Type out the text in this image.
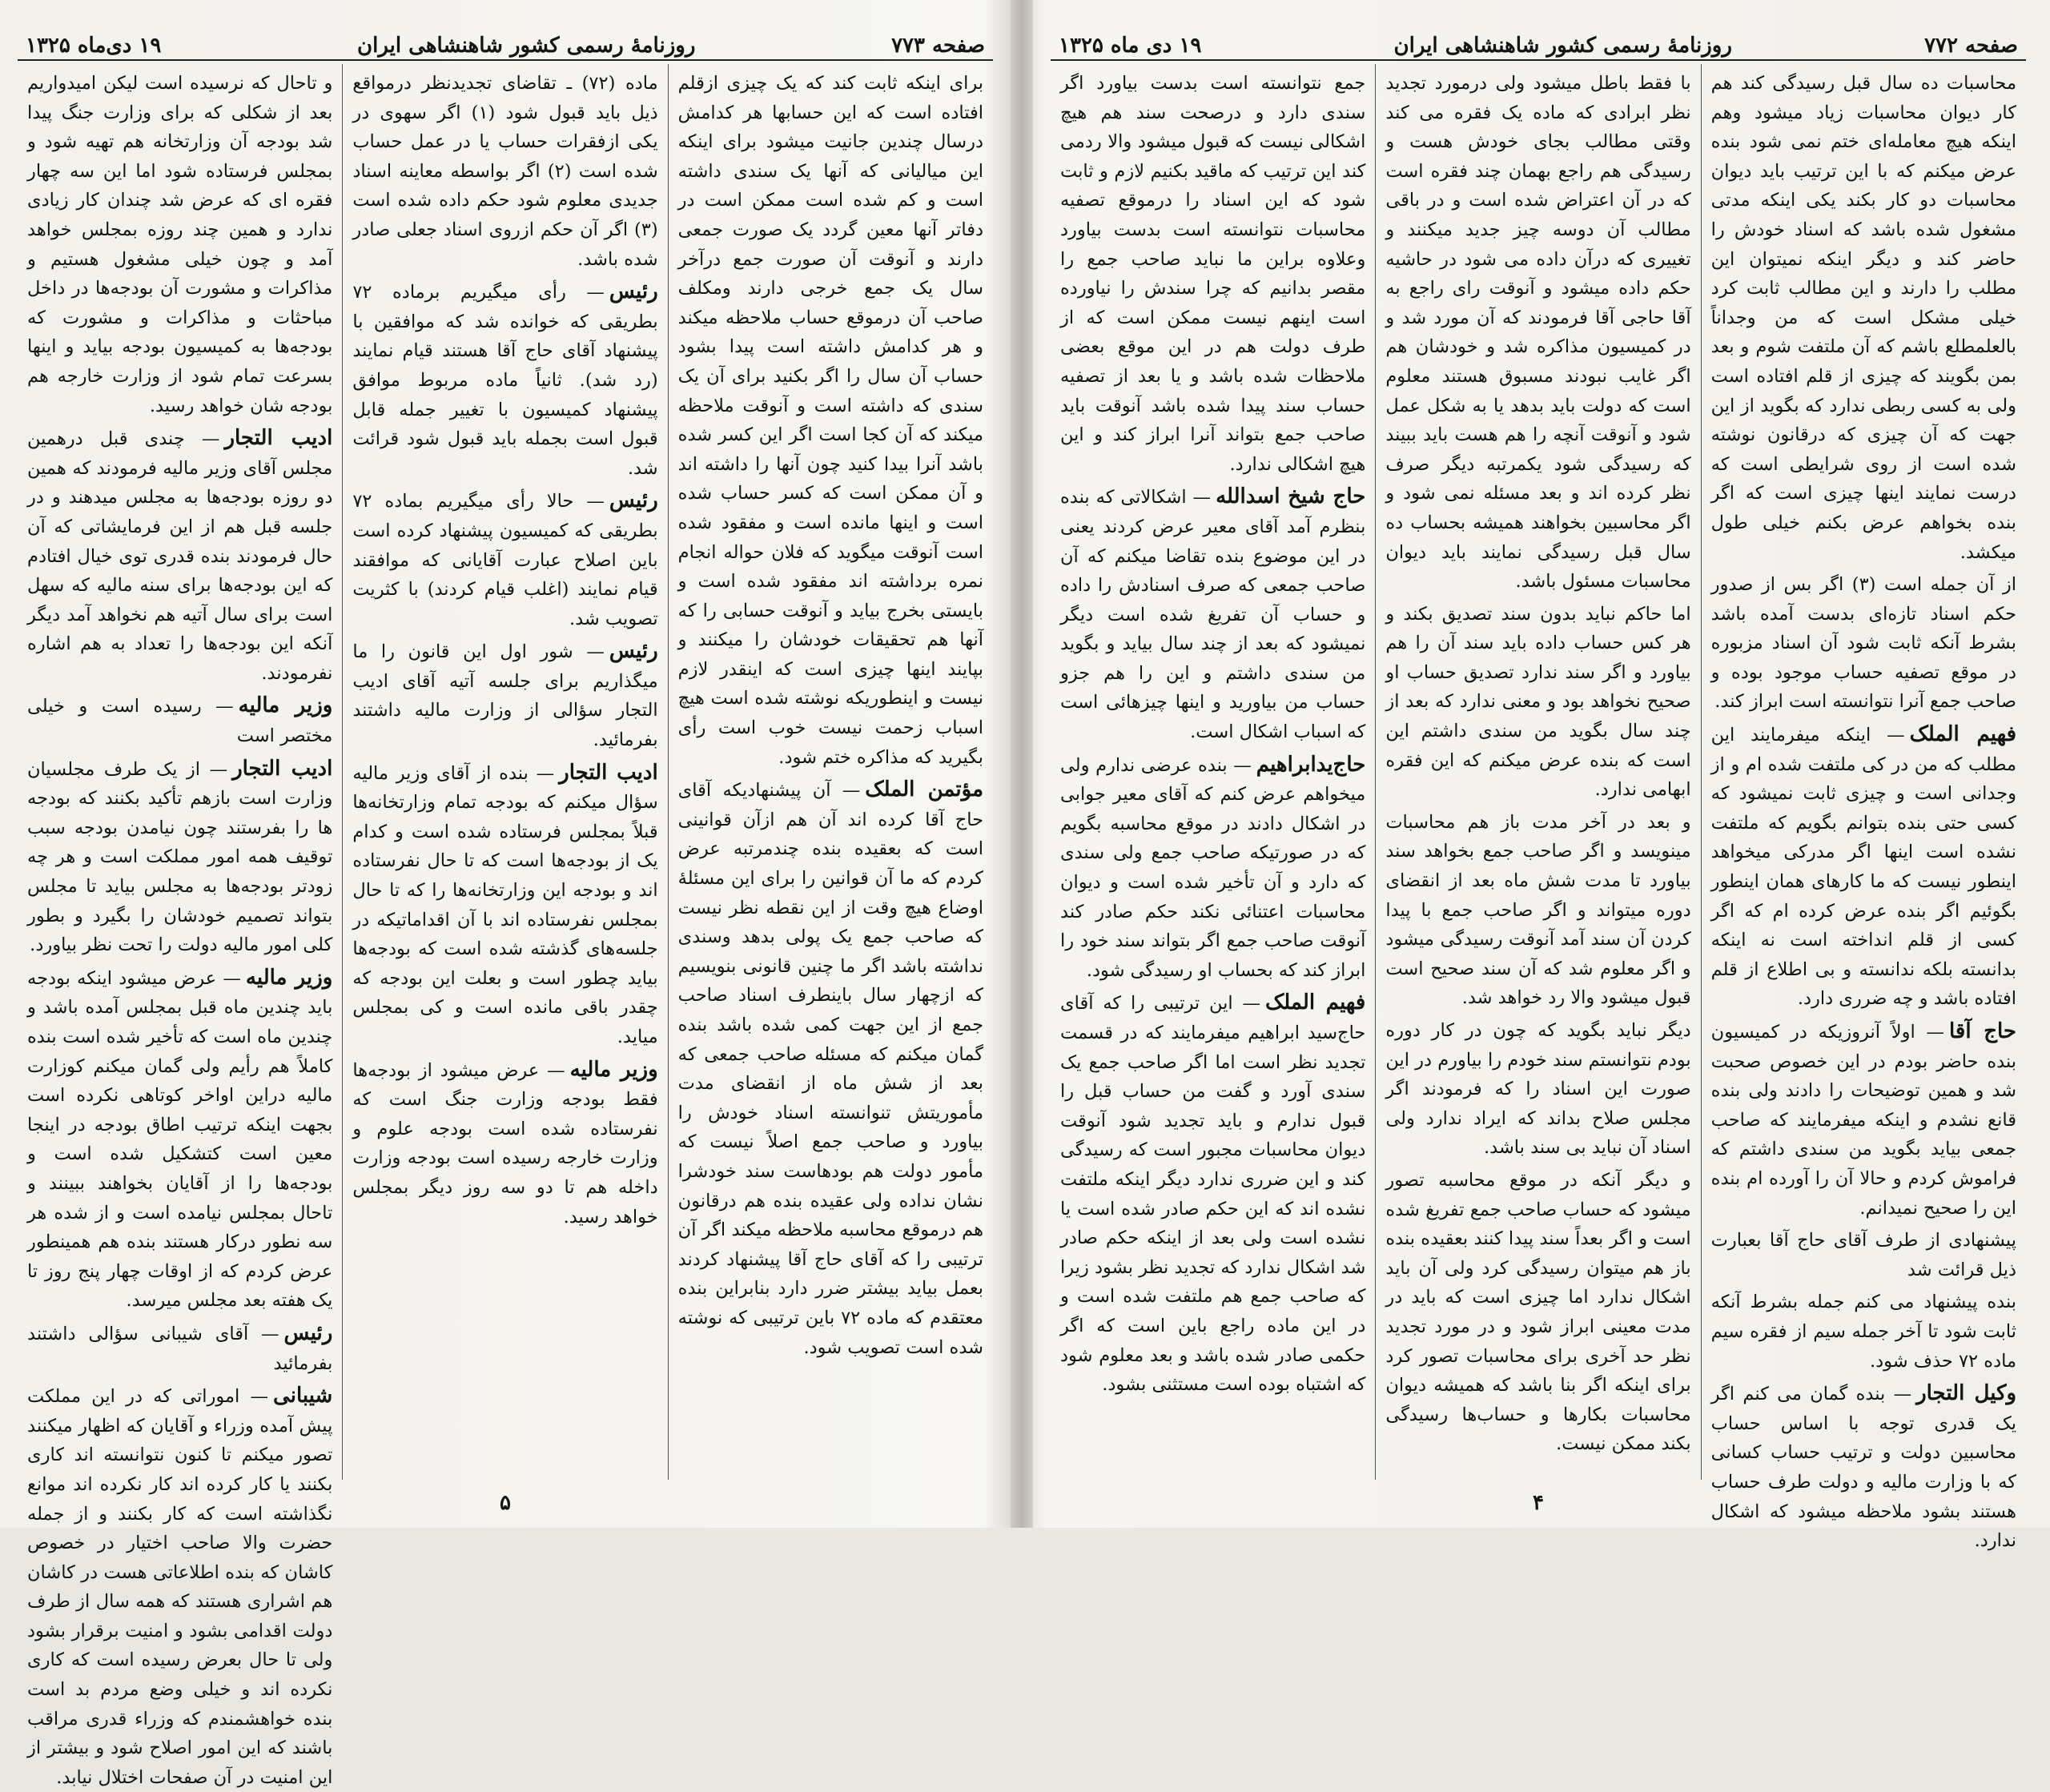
صفحه ۷۷۳
روزنامهٔ رسمی کشور شاهنشاهی ایران
۱۹ دی‌ماه ۱۳۲۵

برای اینکه ثابت کند که یک چیزی ازقلم افتاده است که این حسابها هر کدامش درسال چندین جانیت میشود برای اینکه این میالیانی که آنها یک سندی داشته است و کم شده است ممکن است در دفاتر آنها معین گردد یک صورت جمعی دارند و آنوقت آن صورت جمع درآخر سال یک جمع خرجی دارند ومکلف صاحب آن درموقع حساب ملاحظه میکند و هر کدامش داشته است پیدا بشود حساب آن سال را اگر بکنید برای آن یک سندی که داشته است و آنوقت ملاحظه میکند که آن کجا است اگر این کسر شده باشد آنرا بیدا کنید چون آنها را داشته اند و آن ممکن است که کسر حساب شده است و اینها مانده است و مفقود شده است آنوقت میگوید که فلان حواله انجام نمره برداشته اند مفقود شده است و بایستی بخرج بیاید و آنوقت حسابی را که آنها هم تحقیقات خودشان را میکنند و بپایند اینها چیزی است که اینقدر لازم نیست و اینطوریکه نوشته شده است هیچ اسباب زحمت نیست خوب است رأی بگیرید که مذاکره ختم شود.

مؤتمن الملک— آن پیشنهادیکه آقای حاج آقا کرده اند آن هم ازآن قوانینی است که بعقیده بنده چندمرتبه عرض کردم که ما آن قوانین را برای این مسئلهٔ اوضاع هیچ وقت از این نقطه نظر نیست که صاحب جمع یک پولی بدهد وسندی نداشته باشد اگر ما چنین قانونی بنویسیم که ازچهار سال باینطرف اسناد صاحب جمع از این جهت کمی شده باشد بنده گمان میکنم که مسئله صاحب جمعی که بعد از شش ماه از انقضای مدت مأموریتش تنوانسته اسناد خودش را بیاورد و صاحب جمع اصلاً نیست که مأمور دولت هم بودهاست سند خودشرا نشان نداده ولی عقیده بنده هم درقانون هم درموقع محاسبه ملاحظه میکند اگر آن ترتیبی را که آقای حاج آقا پیشنهاد کردند بعمل بیاید بیشتر ضرر دارد بنابراین بنده معتقدم که ماده ۷۲ باین ترتیبی که نوشته شده است تصویب شود.

ماده (۷۲) ـ تقاضای تجدیدنظر درمواقع ذیل باید قبول شود (۱) اگر سهوی در یکی ازفقرات حساب یا در عمل حساب شده است (۲) اگر بواسطه معاینه اسناد جدیدی معلوم شود حکم داده شده است (۳) اگر آن حکم ازروی اسناد جعلی صادر شده باشد.

رئیس— رأی میگیریم برماده ۷۲ بطریقی که خوانده شد که موافقین با پیشنهاد آقای حاج آقا هستند قیام نمایند (رد شد). ثانیاً ماده مربوط موافق پیشنهاد کمیسیون با تغییر جمله قابل قبول است بجمله باید قبول شود قرائت شد.

رئیس— حالا رأی میگیریم بماده ۷۲ بطریقی که کمیسیون پیشنهاد کرده است باین اصلاح عبارت آقایانی که موافقند قیام نمایند (اغلب قیام کردند) با کثریت تصویب شد.

رئیس— شور اول این قانون را ما میگذاریم برای جلسه آتیه آقای ادیب التجار سؤالی از وزارت مالیه داشتند بفرمائید.

ادیب التجار— بنده از آقای وزیر مالیه سؤال میکنم که بودجه تمام وزارتخانه‌ها قبلاً بمجلس فرستاده شده است و کدام یک از بودجه‌ها است که تا حال نفرستاده اند و بودجه این وزارتخانه‌ها را که تا حال بمجلس نفرستاده اند با آن اقداماتیکه در جلسه‌های گذشته شده است که بودجه‌ها بیاید چطور است و بعلت این بودجه که چقدر باقی مانده است و کی بمجلس میاید.

وزیر مالیه— عرض میشود از بودجه‌ها فقط بودجه وزارت جنگ است که نفرستاده شده است بودجه علوم و وزارت خارجه رسیده است بودجه وزارت داخله هم تا دو سه روز دیگر بمجلس خواهد رسید.

و تاحال که نرسیده است لیکن امیدواریم بعد از شکلی که برای وزارت جنگ پیدا شد بودجه آن وزارتخانه هم تهیه شود و بمجلس فرستاده شود اما این سه چهار فقره ای که عرض شد چندان کار زیادی ندارد و همین چند روزه بمجلس خواهد آمد و چون خیلی مشغول هستیم و مذاکرات و مشورت آن بودجه‌ها در داخل مباحثات و مذاکرات و مشورت که بودجه‌ها به کمیسیون بودجه بیاید و اینها بسرعت تمام شود از وزارت خارجه هم بودجه شان خواهد رسید.

ادیب التجار— چندی قبل درهمین مجلس آقای وزیر مالیه فرمودند که همین دو روزه بودجه‌ها به مجلس میدهند و در جلسه قبل هم از این فرمایشاتی که آن حال فرمودند بنده قدری توی خیال افتادم که این بودجه‌ها برای سنه مالیه که سهل است برای سال آتیه هم نخواهد آمد دیگر آنکه این بودجه‌ها را تعداد به هم اشاره نفرمودند.

وزیر مالیه— رسیده است و خیلی مختصر است

ادیب التجار— از یک طرف مجلسیان وزارت است بازهم تأکید بکنند که بودجه ها را بفرستند چون نیامدن بودجه سبب توقیف همه امور مملکت است و هر چه زودتر بودجه‌ها به مجلس بیاید تا مجلس بتواند تصمیم خودشان را بگیرد و بطور کلی امور مالیه دولت را تحت نظر بیاورد.

وزیر مالیه— عرض میشود اینکه بودجه باید چندین ماه قبل بمجلس آمده باشد و چندین ماه است که تأخیر شده است بنده کاملاً هم رأیم ولی گمان میکنم کوزارت مالیه دراین اواخر کوتاهی نکرده است بجهت اینکه ترتیب اطاق بودجه در اینجا معین است کتشکیل شده است و بودجه‌ها را از آقایان بخواهند ببینند و تاحال بمجلس نیامده است و از شده هر سه نطور درکار هستند بنده هم همینطور عرض کردم که از اوقات چهار پنج روز تا یک هفته بعد مجلس میرسد.

رئیس— آقای شیبانی سؤالی داشتند بفرمائید

شیبانی— اموراتی که در این مملکت پیش آمده وزراء و آقایان که اظهار میکنند تصور میکنم تا کنون نتوانسته اند کاری بکنند یا کار کرده اند کار نکرده اند موانع نگذاشته است که کار بکنند و از جمله حضرت والا صاحب اختیار در خصوص کاشان که بنده اطلاعاتی هست در کاشان هم اشراری هستند که همه سال از طرف دولت اقدامی بشود و امنیت برقرار بشود ولی تا حال بعرض رسیده است که کاری نکرده اند و خیلی وضع مردم بد است بنده خواهشمندم که وزراء قدری مراقب باشند که این امور اصلاح شود و بیشتر از این امنیت در آن صفحات اختلال نیابد.

۵
صفحه ۷۷۲
روزنامهٔ رسمی کشور شاهنشاهی ایران
۱۹ دی ماه ۱۳۲۵

محاسبات ده سال قبل رسیدگی کند هم کار دیوان محاسبات زیاد میشود وهم اینکه هیچ معامله‌ای ختم نمی شود بنده عرض میکنم که با این ترتیب باید دیوان محاسبات دو کار بکند یکی اینکه مدتی مشغول شده باشد که اسناد خودش را حاضر کند و دیگر اینکه نمیتوان این مطلب را دارند و این مطالب ثابت کرد خیلی مشکل است که من وجداناً بالعلمطلع باشم که آن ملتفت شوم و بعد بمن بگویند که چیزی از قلم افتاده است ولی به کسی ربطی ندارد که بگوید از این جهت که آن چیزی که درقانون نوشته شده است از روی شرایطی است که درست نمایند اینها چیزی است که اگر بنده بخواهم عرض بکنم خیلی طول میکشد.

از آن جمله است (۳) اگر بس از صدور حکم اسناد تازه‌ای بدست آمده باشد بشرط آنکه ثابت شود آن اسناد مزبوره در موقع تصفیه حساب موجود بوده و صاحب جمع آنرا نتوانسته است ابراز کند.

فهیم الملک— اینکه میفرمایند این مطلب که من در کی ملتفت شده ام و از وجدانی است و چیزی ثابت نمیشود که کسی حتی بنده بتوانم بگویم که ملتفت نشده است اینها اگر مدرکی میخواهد اینطور نیست که ما کارهای همان اینطور بگوئیم اگر بنده عرض کرده ام که اگر کسی از قلم انداخته است نه اینکه بدانسته بلکه ندانسته و بی اطلاع از قلم افتاده باشد و چه ضرری دارد.

حاج آقا— اولاً آنروزیکه در کمیسیون بنده حاضر بودم در این خصوص صحبت شد و همین توضیحات را دادند ولی بنده قانع نشدم و اینکه میفرمایند که صاحب جمعی بیاید بگوید من سندی داشتم که فراموش کردم و حالا آن را آورده ام بنده این را صحیح نمیدانم.

پیشنهادی از طرف آقای حاج آقا بعبارت ذیل قرائت شد

بنده پیشنهاد می کنم جمله بشرط آنکه ثابت شود تا آخر جمله سیم از فقره سیم ماده ۷۲ حذف شود.

وکیل التجار— بنده گمان می کنم اگر یک قدری توجه با اساس حساب محاسبین دولت و ترتیب حساب کسانی که با وزارت مالیه و دولت طرف حساب هستند بشود ملاحظه میشود که اشکال ندارد.

با فقط باطل میشود ولی درمورد تجدید نظر ابرادی که ماده یک فقره می کند وقتی مطالب بجای خودش هست و رسیدگی هم راجع بهمان چند فقره است که در آن اعتراض شده است و در باقی مطالب آن دوسه چیز جدید میکنند و تغییری که درآن داده می شود در حاشیه حکم داده میشود و آنوقت رای راجع به آقا حاجی آقا فرمودند که آن مورد شد و در کمیسیون مذاکره شد و خودشان هم اگر غایب نبودند مسبوق هستند معلوم است که دولت باید بدهد یا به شکل عمل شود و آنوقت آنچه را هم هست باید ببیند که رسیدگی شود یکمرتبه دیگر صرف نظر کرده اند و بعد مسئله نمی شود و اگر محاسبین بخواهند همیشه بحساب ده سال قبل رسیدگی نمایند باید دیوان محاسبات مسئول باشد.

اما حاکم نباید بدون سند تصدیق بکند و هر کس حساب داده باید سند آن را هم بیاورد و اگر سند ندارد تصدیق حساب او صحیح نخواهد بود و معنی ندارد که بعد از چند سال بگوید من سندی داشتم این است که بنده عرض میکنم که این فقره ابهامی ندارد.

و بعد در آخر مدت باز هم محاسبات مینویسد و اگر صاحب جمع بخواهد سند بیاورد تا مدت شش ماه بعد از انقضای دوره میتواند و اگر صاحب جمع با پیدا کردن آن سند آمد آنوقت رسیدگی میشود و اگر معلوم شد که آن سند صحیح است قبول میشود والا رد خواهد شد.

دیگر نباید بگوید که چون در کار دوره بودم نتوانستم سند خودم را بیاورم در این صورت این اسناد را که فرمودند اگر مجلس صلاح بداند که ایراد ندارد ولی اسناد آن نباید بی سند باشد.

و دیگر آنکه در موقع محاسبه تصور میشود که حساب صاحب جمع تفریغ شده است و اگر بعداً سند پیدا کنند بعقیده بنده باز هم میتوان رسیدگی کرد ولی آن باید اشکال ندارد اما چیزی است که باید در مدت معینی ابراز شود و در مورد تجدید نظر حد آخری برای محاسبات تصور کرد برای اینکه اگر بنا باشد که همیشه دیوان محاسبات بکارها و حساب‌ها رسیدگی بکند ممکن نیست.

جمع نتوانسته است بدست بیاورد اگر سندی دارد و درصحت سند هم هیچ اشکالی نیست که قبول میشود والا ردمی کند این ترتیب که ماقید بکنیم لازم و ثابت شود که این اسناد را درموقع تصفیه محاسبات نتوانسته است بدست بیاورد وعلاوه براین ما نباید صاحب جمع را مقصر بدانیم که چرا سندش را نیاورده است اینهم نیست ممکن است که از طرف دولت هم در این موقع بعضی ملاحظات شده باشد و یا بعد از تصفیه حساب سند پیدا شده باشد آنوقت باید صاحب جمع بتواند آنرا ابراز کند و این هیچ اشکالی ندارد.

حاج شیخ اسدالله— اشکالاتی که بنده بنظرم آمد آقای معیر عرض کردند یعنی در این موضوع بنده تقاضا میکنم که آن صاحب جمعی که صرف اسنادش را داده و حساب آن تفریغ شده است دیگر نمیشود که بعد از چند سال بیاید و بگوید من سندی داشتم و این را هم جزو حساب من بیاورید و اینها چیزهائی است که اسباب اشکال است.

حاج‌یدابراهیم— بنده عرضی ندارم ولی میخواهم عرض کنم که آقای معیر جوابی در اشکال دادند در موقع محاسبه بگویم که در صورتیکه صاحب جمع ولی سندی که دارد و آن تأخیر شده است و دیوان محاسبات اعتنائی نکند حکم صادر کند آنوقت صاحب جمع اگر بتواند سند خود را ابراز کند که بحساب او رسیدگی شود.

فهیم الملک— این ترتیبی را که آقای حاج‌سید ابراهیم میفرمایند که در قسمت تجدید نظر است اما اگر صاحب جمع یک سندی آورد و گفت من حساب قبل را قبول ندارم و باید تجدید شود آنوقت دیوان محاسبات مجبور است که رسیدگی کند و این ضرری ندارد دیگر اینکه ملتفت نشده اند که این حکم صادر شده است یا نشده است ولی بعد از اینکه حکم صادر شد اشکال ندارد که تجدید نظر بشود زیرا که صاحب جمع هم ملتفت شده است و در این ماده راجع باین است که اگر حکمی صادر شده باشد و بعد معلوم شود که اشتباه بوده است مستثنی بشود.

۴
